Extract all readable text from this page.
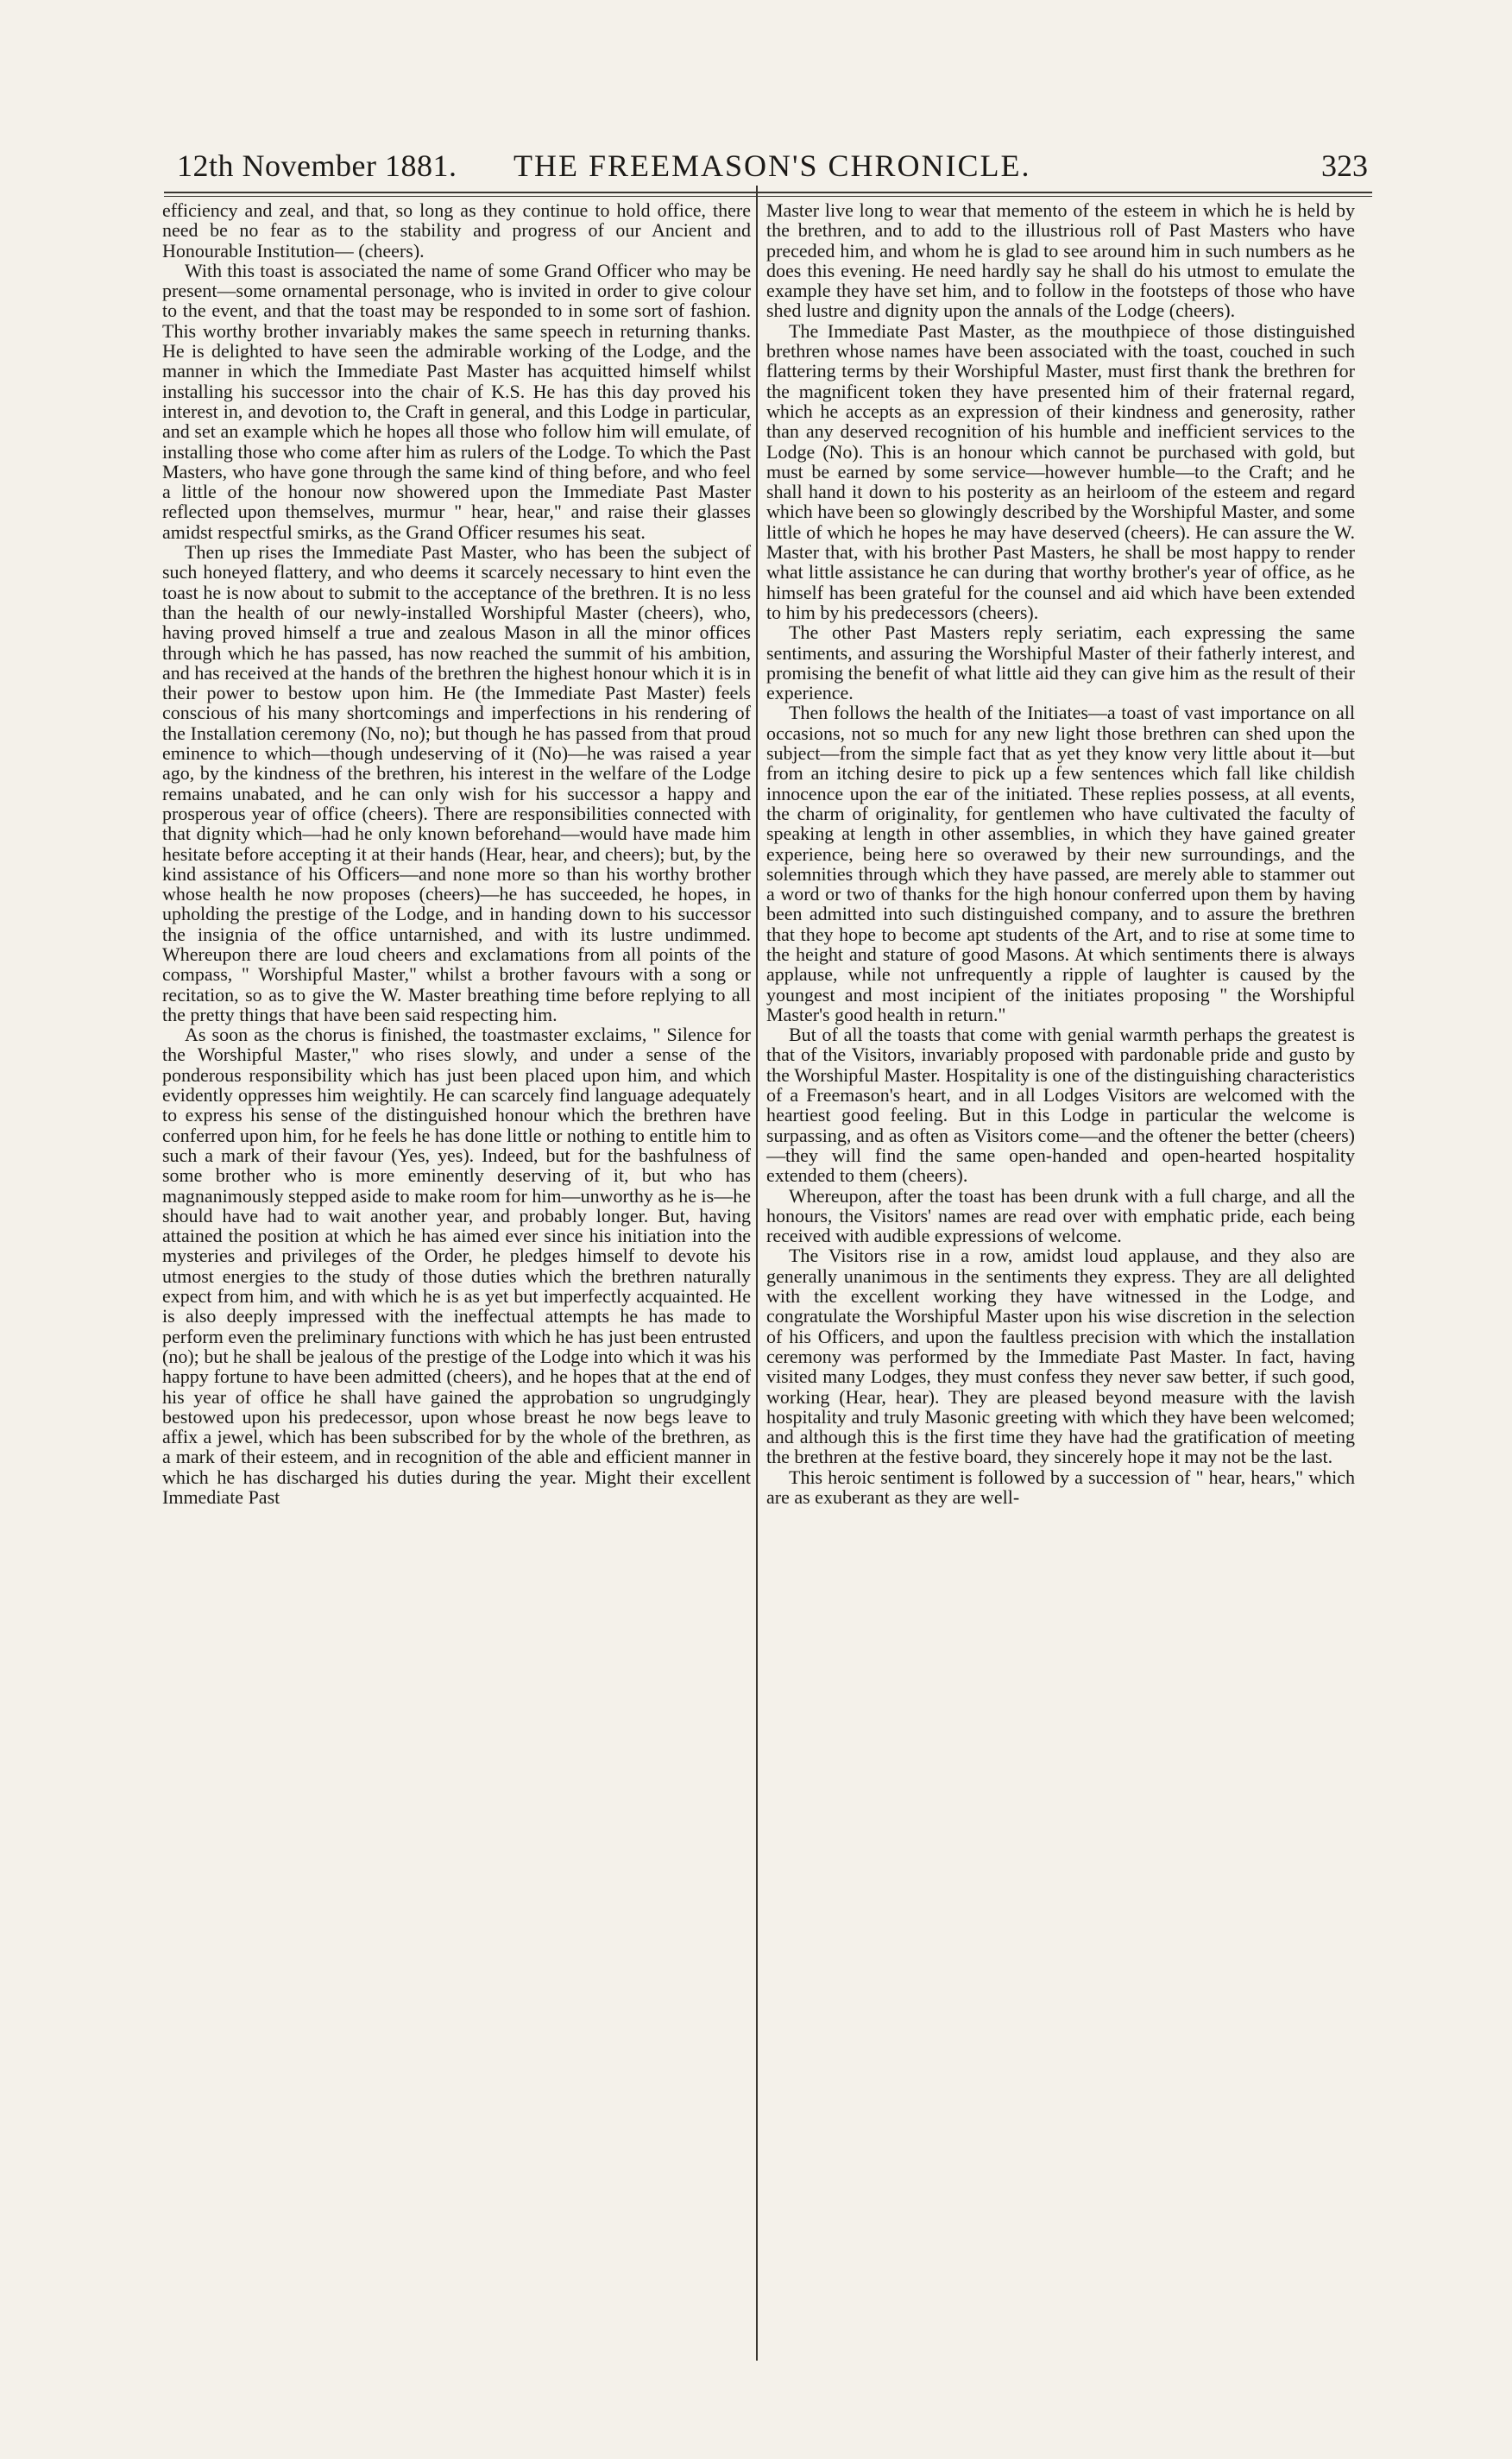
12th November 1881. THE FREEMASON'S CHRONICLE.	323

efficiency and zeal, and that, so long as they continue to hold office, there need be no fear as to the stability and progress of our Ancient and Honourable Institution— (cheers).

With this toast is associated the name of some Grand Officer who may be present—some ornamental personage, who is invited in order to give colour to the event, and that the toast may be responded to in some sort of fashion. This worthy brother invariably makes the same speech in returning thanks. He is delighted to have seen the admirable working of the Lodge, and the manner in which the Immediate Past Master has acquitted himself whilst installing his successor into the chair of K.S. He has this day proved his interest in, and devotion to, the Craft in general, and this Lodge in particular, and set an example which he hopes all those who follow him will emulate, of installing those who come after him as rulers of the Lodge. To which the Past Masters, who have gone through the same kind of thing before, and who feel a little of the honour now showered upon the Immediate Past Master reflected upon themselves, murmur " hear, hear," and raise their glasses amidst respectful smirks, as the Grand Officer resumes his seat.

Then up rises the Immediate Past Master, who has been the subject of such honeyed flattery, and who deems it scarcely necessary to hint even the toast he is now about to submit to the acceptance of the brethren. It is no less than the health of our newly-installed Worshipful Master (cheers), who, having proved himself a true and zealous Mason in all the minor offices through which he has passed, has now reached the summit of his ambition, and has received at the hands of the brethren the highest honour which it is in their power to bestow upon him. He (the Immediate Past Master) feels conscious of his many shortcomings and imperfections in his rendering of the Installation ceremony (No, no); but though he has passed from that proud eminence to which—though undeserving of it (No)—he was raised a year ago, by the kindness of the brethren, his interest in the welfare of the Lodge remains unabated, and he can only wish for his successor a happy and prosperous year of office (cheers). There are responsibilities connected with that dignity which—had he only known beforehand—would have made him hesitate before accepting it at their hands (Hear, hear, and cheers); but, by the kind assistance of his Officers—and none more so than his worthy brother whose health he now proposes (cheers)—he has succeeded, he hopes, in upholding the prestige of the Lodge, and in handing down to his successor the insignia of the office untarnished, and with its lustre undimmed. Whereupon there are loud cheers and exclamations from all points of the compass, " Worshipful Master," whilst a brother favours with a song or recitation, so as to give the W. Master breathing time before replying to all the pretty things that have been said respecting him.

As soon as the chorus is finished, the toastmaster exclaims, " Silence for the Worshipful Master," who rises slowly, and under a sense of the ponderous responsibility which has just been placed upon him, and which evidently oppresses him weightily. He can scarcely find language adequately to express his sense of the distinguished honour which the brethren have conferred upon him, for he feels he has done little or nothing to entitle him to such a mark of their favour (Yes, yes). Indeed, but for the bashfulness of some brother who is more eminently deserving of it, but who has magnanimously stepped aside to make room for him—unworthy as he is—he should have had to wait another year, and probably longer. But, having attained the position at which he has aimed ever since his initiation into the mysteries and privileges of the Order, he pledges himself to devote his utmost energies to the study of those duties which the brethren naturally expect from him, and with which he is as yet but imperfectly acquainted. He is also deeply impressed with the ineffectual attempts he has made to perform even the preliminary functions with which he has just been entrusted (no); but he shall be jealous of the prestige of the Lodge into which it was his happy fortune to have been admitted (cheers), and he hopes that at the end of his year of office he shall have gained the approbation so ungrudgingly bestowed upon his predecessor, upon whose breast he now begs leave to affix a jewel, which has been subscribed for by the whole of the brethren, as a mark of their esteem, and in recognition of the able and efficient manner in which he has discharged his duties during the year. Might their excellent Immediate Past

Master live long to wear that memento of the esteem in which he is held by the brethren, and to add to the illustrious roll of Past Masters who have preceded him, and whom he is glad to see around him in such numbers as he does this evening. He need hardly say he shall do his utmost to emulate the example they have set him, and to follow in the footsteps of those who have shed lustre and dignity upon the annals of the Lodge (cheers).

The Immediate Past Master, as the mouthpiece of those distinguished brethren whose names have been associated with the toast, couched in such flattering terms by their Worshipful Master, must first thank the brethren for the magnificent token they have presented him of their fraternal regard, which he accepts as an expression of their kindness and generosity, rather than any deserved recognition of his humble and inefficient services to the Lodge (No). This is an honour which cannot be purchased with gold, but must be earned by some service—however humble—to the Craft; and he shall hand it down to his posterity as an heirloom of the esteem and regard which have been so glowingly described by the Worshipful Master, and some little of which he hopes he may have deserved (cheers). He can assure the W. Master that, with his brother Past Masters, he shall be most happy to render what little assistance he can during that worthy brother's year of office, as he himself has been grateful for the counsel and aid which have been extended to him by his predecessors (cheers).

The other Past Masters reply seriatim, each expressing the same sentiments, and assuring the Worshipful Master of their fatherly interest, and promising the benefit of what little aid they can give him as the result of their experience.

Then follows the health of the Initiates—a toast of vast importance on all occasions, not so much for any new light those brethren can shed upon the subject—from the simple fact that as yet they know very little about it—but from an itching desire to pick up a few sentences which fall like childish innocence upon the ear of the initiated. These replies possess, at all events, the charm of originality, for gentlemen who have cultivated the faculty of speaking at length in other assemblies, in which they have gained greater experience, being here so overawed by their new surroundings, and the solemnities through which they have passed, are merely able to stammer out a word or two of thanks for the high honour conferred upon them by having been admitted into such distinguished company, and to assure the brethren that they hope to become apt students of the Art, and to rise at some time to the height and stature of good Masons. At which sentiments there is always applause, while not unfrequently a ripple of laughter is caused by the youngest and most incipient of the initiates proposing " the Worshipful Master's good health in return."

But of all the toasts that come with genial warmth perhaps the greatest is that of the Visitors, invariably proposed with pardonable pride and gusto by the Worshipful Master. Hospitality is one of the distinguishing characteristics of a Freemason's heart, and in all Lodges Visitors are welcomed with the heartiest good feeling. But in this Lodge in particular the welcome is surpassing, and as often as Visitors come—and the oftener the better (cheers) —they will find the same open-handed and open-hearted hospitality extended to them (cheers).

Whereupon, after the toast has been drunk with a full charge, and all the honours, the Visitors' names are read over with emphatic pride, each being received with audible expressions of welcome.

The Visitors rise in a row, amidst loud applause, and they also are generally unanimous in the sentiments they express. They are all delighted with the excellent working they have witnessed in the Lodge, and congratulate the Worshipful Master upon his wise discretion in the selection of his Officers, and upon the faultless precision with which the installation ceremony was performed by the Immediate Past Master. In fact, having visited many Lodges, they must confess they never saw better, if such good, working (Hear, hear). They are pleased beyond measure with the lavish hospitality and truly Masonic greeting with which they have been welcomed; and although this is the first time they have had the gratification of meeting the brethren at the festive board, they sincerely hope it may not be the last.

This heroic sentiment is followed by a succession of " hear, hears," which are as exuberant as they are well-
